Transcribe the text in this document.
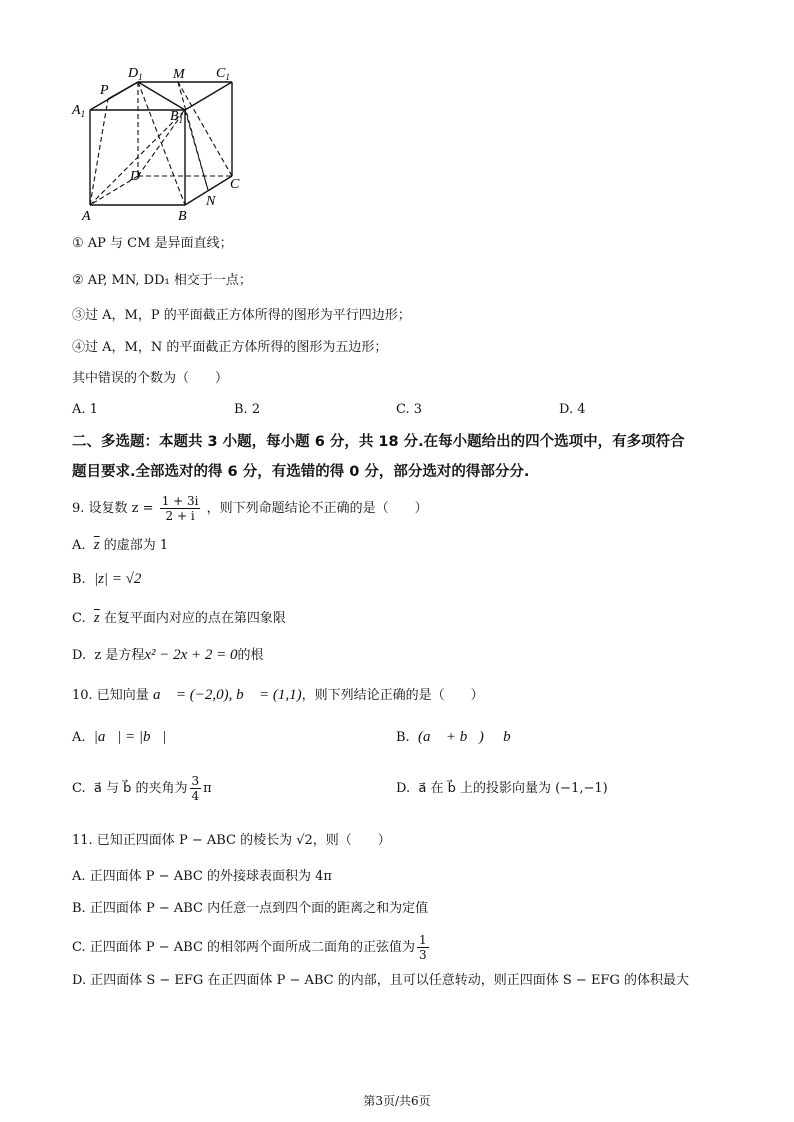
$A_1$
P
$D_1$ M $C_1$
$B_1$
D
C
N
A	B
① AP 与 CM 是异面直线；
② AP, MN, DD₁ 相交于一点；
③过 A，M，P 的平面截正方体所得的图形为平行四边形；
④过 A，M，N 的平面截正方体所得的图形为五边形；
其中错误的个数为（　　）
A. 1	B. 2	C. 3	D. 4
二、多选题：本题共 3 小题，每小题 6 分，共 18 分.在每小题给出的四个选项中，有多项符合
题目要求.全部选对的得 6 分，有选错的得 0 分，部分选对的得部分分.
9. 设复数 $z = \frac{1 + 3i}{2 + i}$ ，则下列命题结论不正确的是（　　）
A.  $\overline{z}$ 的虚部为 1
B.  |z| = √2
C.  $\overline{z}$ 在复平面内对应的点在第四象限
D.  z 是方程x² − 2x + 2 = 0的根
10. 已知向量 a⃗ = (−2,0), b⃗ = (1,1)，则下列结论正确的是（　　）
A.  |a⃗| = |b⃗|	B.  (a⃗ + b⃗) ⫽ b⃗
C.  a⃗ 与 b⃗ 的夹角为 $\frac{3}{4}$ π	D.  a⃗ 在 b⃗ 上的投影向量为 (−1,−1)
11. 已知正四面体 P − ABC 的棱长为 √2，则（　　）
A. 正四面体 P − ABC 的外接球表面积为 4π
B. 正四面体 P − ABC 内任意一点到四个面的距离之和为定值
C. 正四面体 P − ABC 的相邻两个面所成二面角的正弦值为 $\frac{1}{3}$
D. 正四面体 S − EFG 在正四面体 P − ABC 的内部，且可以任意转动，则正四面体 S − EFG 的体积最大
第3页/共6页
